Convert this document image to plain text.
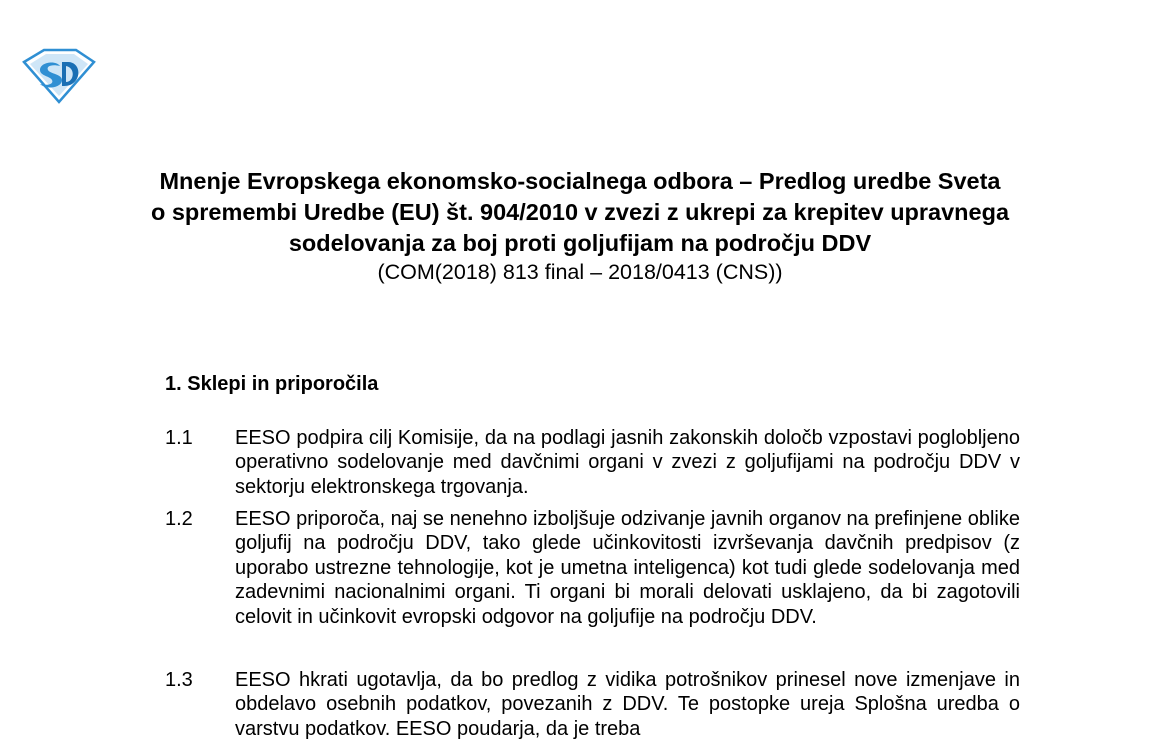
Mnenje Evropskega ekonomsko-socialnega odbora – Predlog uredbe Sveta o spremembi Uredbe (EU) št. 904/2010 v zvezi z ukrepi za krepitev upravnega sodelovanja za boj proti goljufijam na področju DDV

(COM(2018) 813 final – 2018/0413 (CNS))

1. Sklepi in priporočila
1.1 EESO podpira cilj Komisije, da na podlagi jasnih zakonskih določb vzpostavi poglobljeno operativno sodelovanje med davčnimi organi v zvezi z goljufijami na področju DDV v sektorju elektronskega trgovanja.
1.2 EESO priporoča, naj se nenehno izboljšuje odzivanje javnih organov na prefinjene oblike goljufij na področju DDV, tako glede učinkovitosti izvrševanja davčnih predpisov (z uporabo ustrezne tehnologije, kot je umetna inteligenca) kot tudi glede sodelovanja med zadevnimi nacionalnimi organi. Ti organi bi morali delovati usklajeno, da bi zagotovili celovit in učinkovit evropski odgovor na goljufije na področju DDV.
1.3 EESO hkrati ugotavlja, da bo predlog z vidika potrošnikov prinesel nove izmenjave in obdelavo osebnih podatkov, povezanih z DDV. Te postopke ureja Splošna uredba o varstvu podatkov. EESO poudarja, da je treba
